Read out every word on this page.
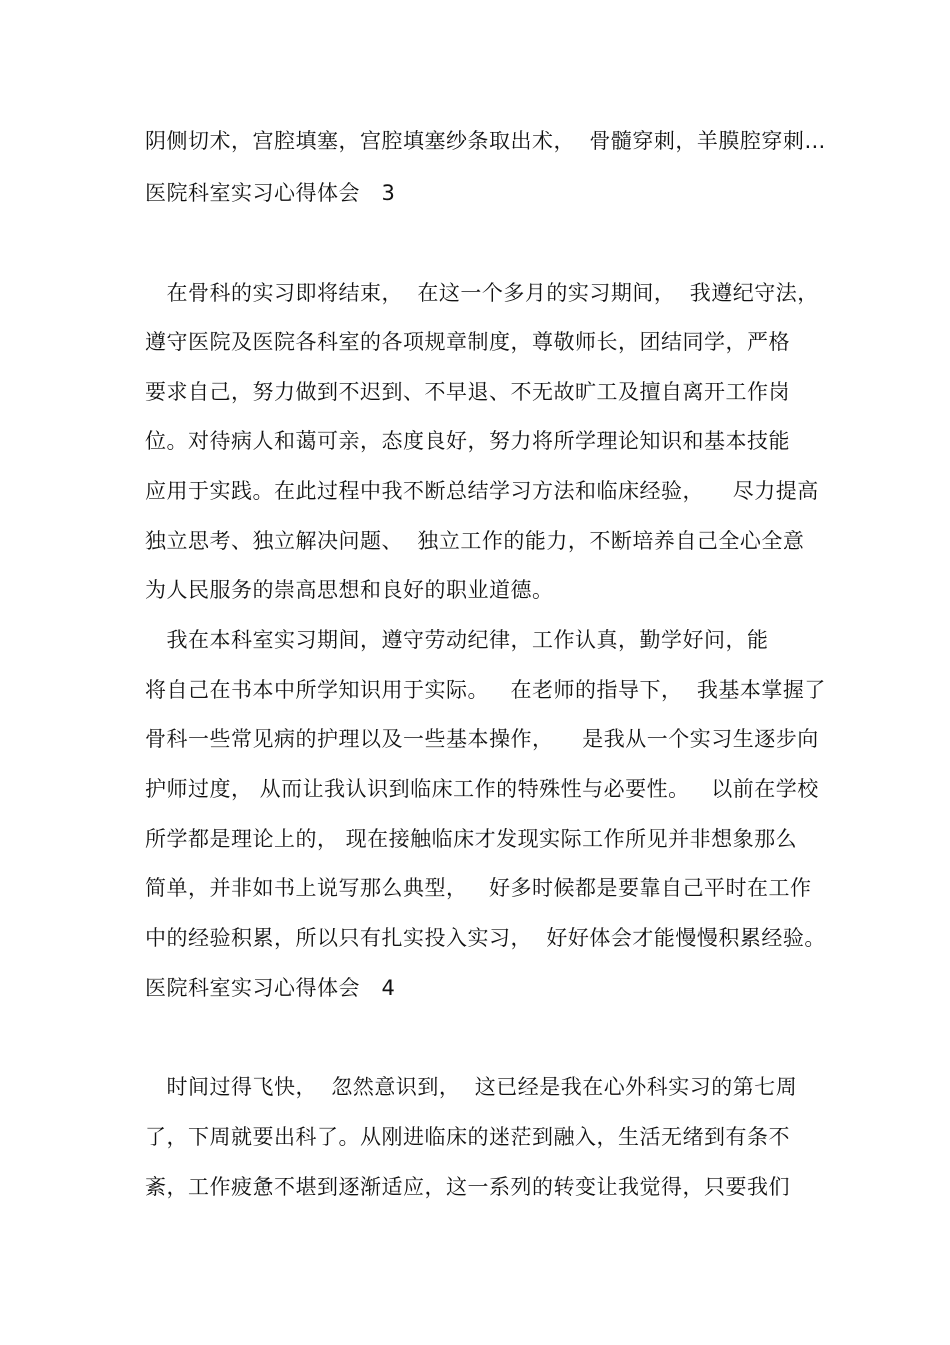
阴侧切术，宫腔填塞，宫腔填塞纱条取出术，  骨髓穿刺，羊膜腔穿刺…
医院科室实习心得体会   3
在骨科的实习即将结束，  在这一个多月的实习期间，  我遵纪守法，
遵守医院及医院各科室的各项规章制度，尊敬师长，团结同学，严格
要求自己，努力做到不迟到、不早退、不无故旷工及擅自离开工作岗
位。对待病人和蔼可亲，态度良好，努力将所学理论知识和基本技能
应用于实践。在此过程中我不断总结学习方法和临床经验，    尽力提高
独立思考、独立解决问题、  独立工作的能力，不断培养自己全心全意
为人民服务的崇高思想和良好的职业道德。
我在本科室实习期间，遵守劳动纪律，工作认真，勤学好问，能
将自己在书本中所学知识用于实际。   在老师的指导下，  我基本掌握了
骨科一些常见病的护理以及一些基本操作，    是我从一个实习生逐步向
护师过度， 从而让我认识到临床工作的特殊性与必要性。   以前在学校
所学都是理论上的， 现在接触临床才发现实际工作所见并非想象那么
简单，并非如书上说写那么典型，   好多时候都是要靠自己平时在工作
中的经验积累，所以只有扎实投入实习，  好好体会才能慢慢积累经验。
医院科室实习心得体会   4
时间过得飞快，  忽然意识到，  这已经是我在心外科实习的第七周
了，下周就要出科了。从刚进临床的迷茫到融入，生活无绪到有条不
紊，工作疲惫不堪到逐渐适应，这一系列的转变让我觉得，只要我们
